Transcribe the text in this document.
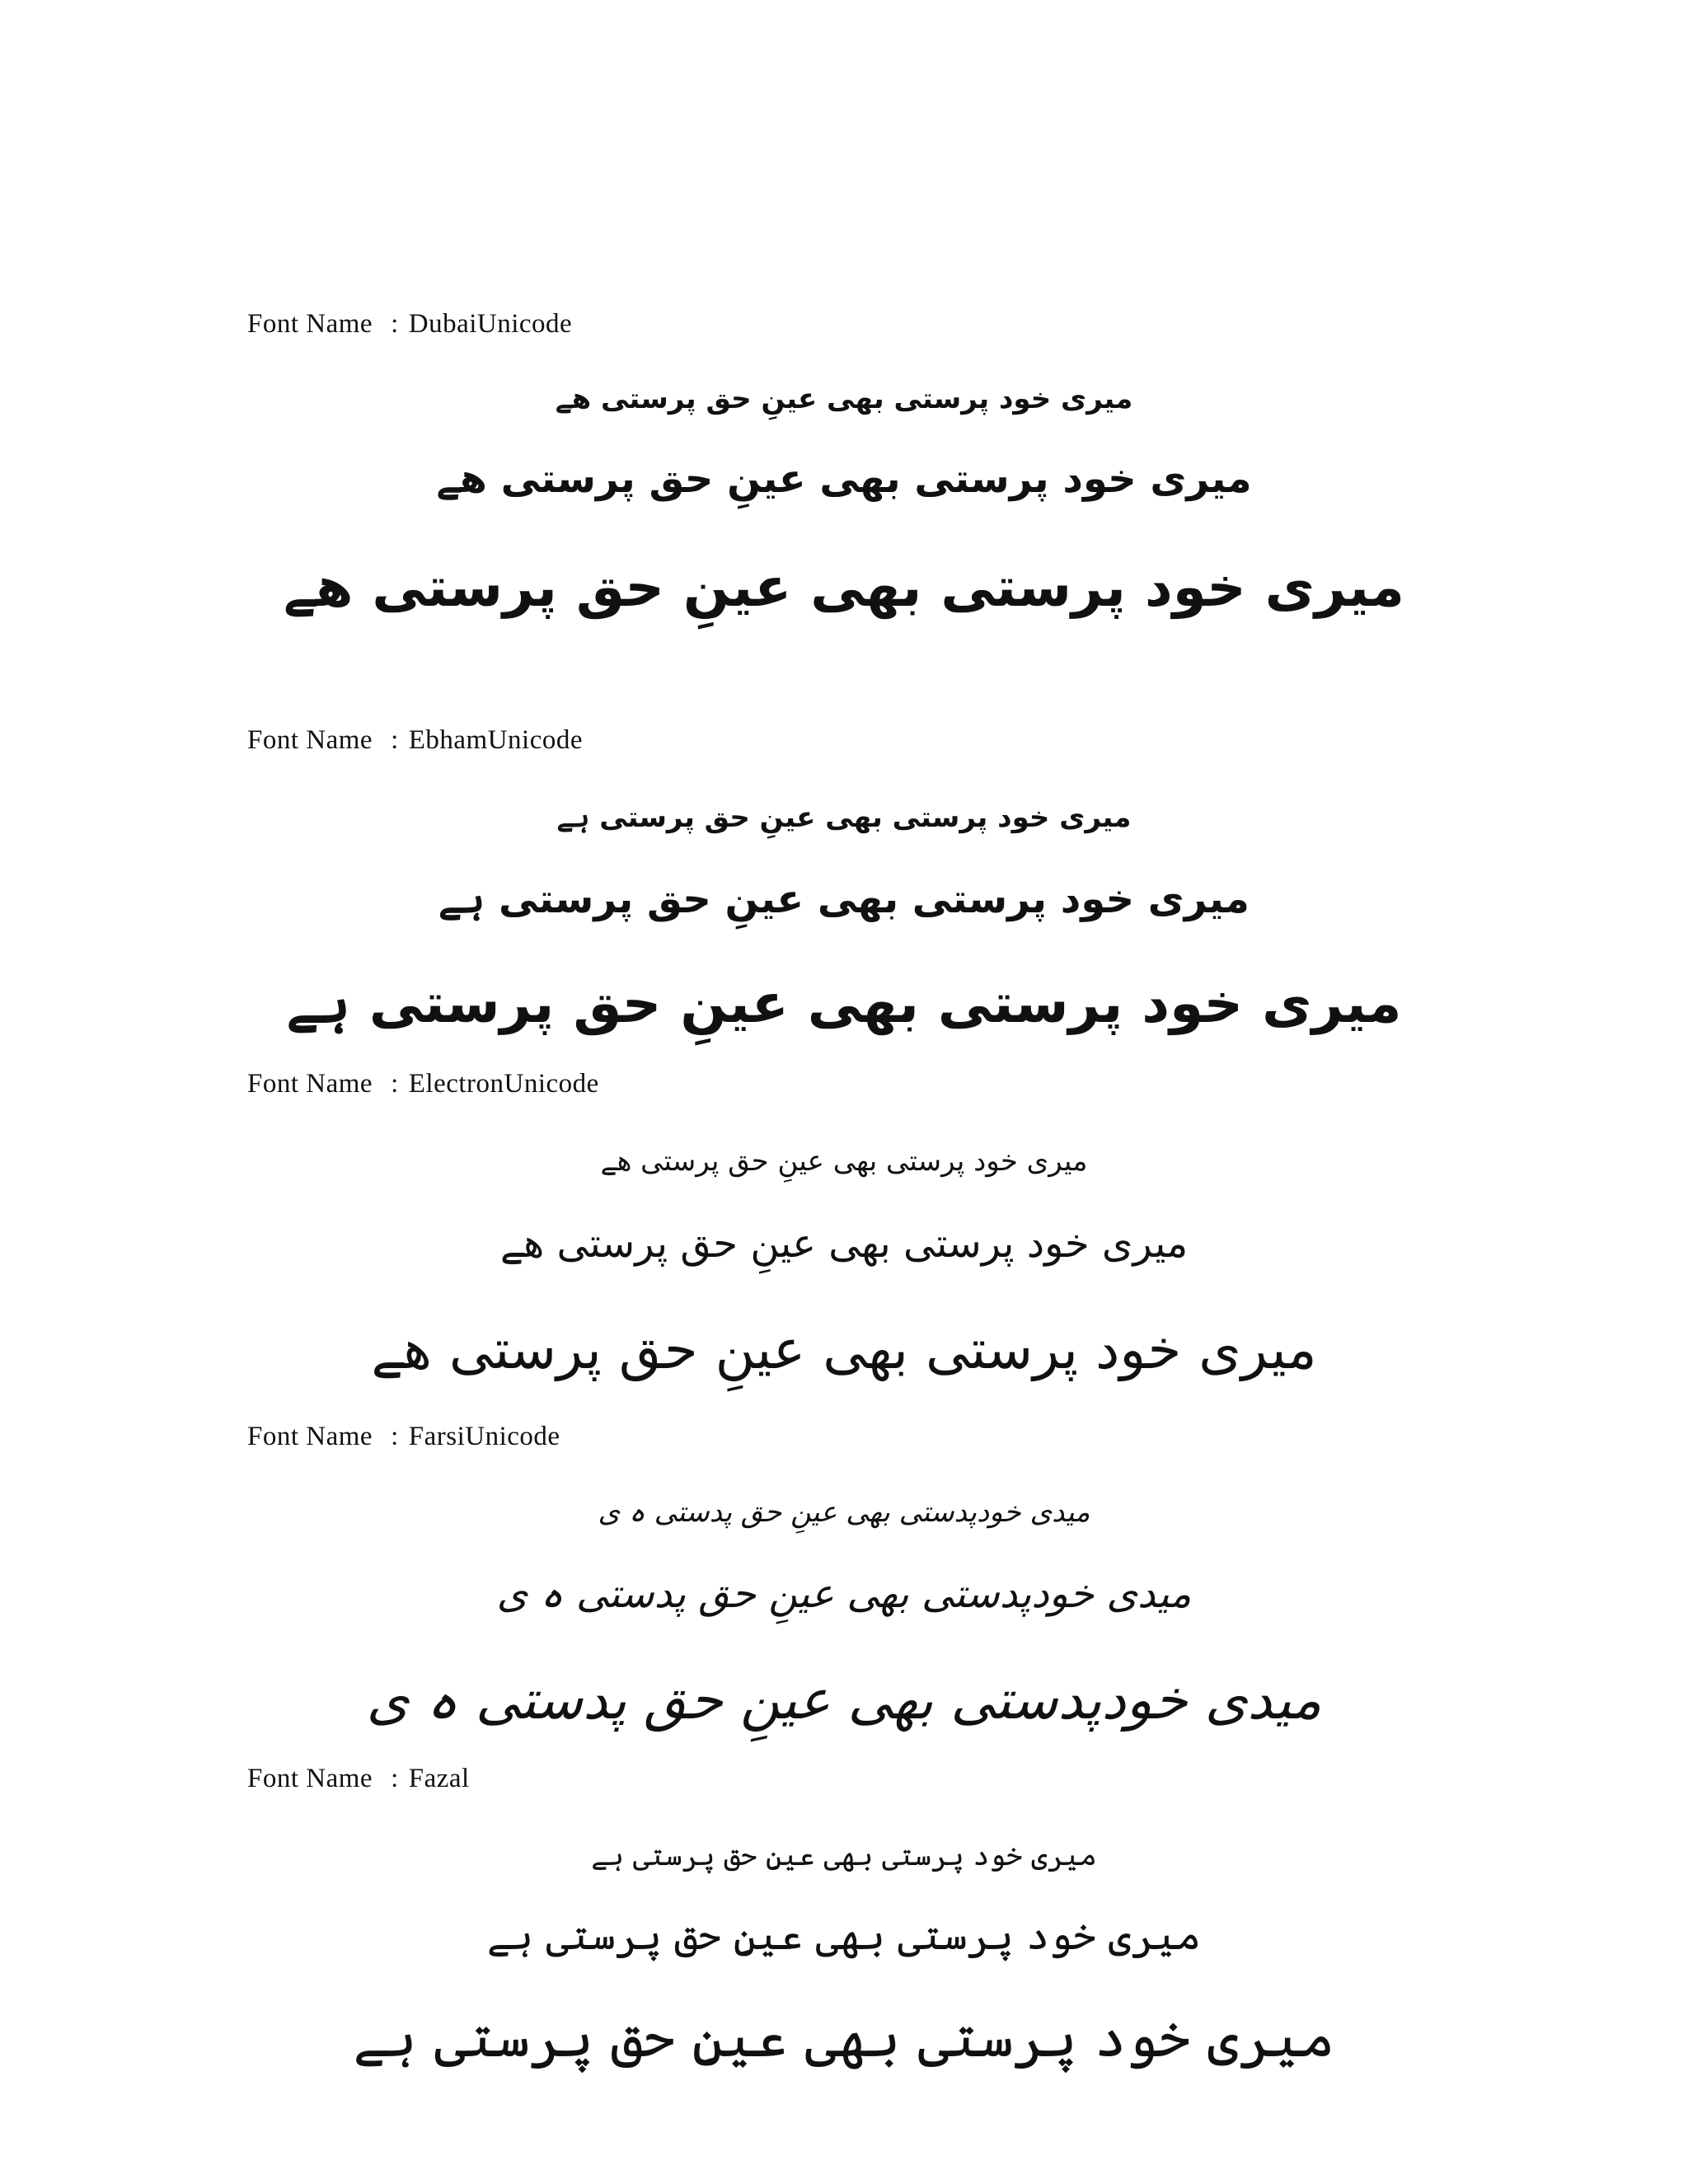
Font Name : DubaiUnicode
میری خود پرستی بھی عینِ حق پرستی ھے
میری خود پرستی بھی عینِ حق پرستی ھے
میری خود پرستی بھی عینِ حق پرستی ھے
Font Name : EbhamUnicode
میری خود پرستی بھی عینِ حق پرستی ہے
میری خود پرستی بھی عینِ حق پرستی ہے
میری خود پرستی بھی عینِ حق پرستی ہے
Font Name : ElectronUnicode
میری خود پرستی بھی عینِ حق پرستی ھے
میری خود پرستی بھی عینِ حق پرستی ھے
میری خود پرستی بھی عینِ حق پرستی ھے
Font Name : FarsiUnicode
میدی خودپدستی بھی عینِ حق پدستی ہ ی
میدی خودپدستی بھی عینِ حق پدستی ہ ی
میدی خودپدستی بھی عینِ حق پدستی ہ ی
Font Name : Fazal
میری خود پرستی بھی عینِ حق پرستی ہے
میری خود پرستی بھی عینِ حق پرستی ہے
میری خود پرستی بھی عینِ حق پرستی ہے
